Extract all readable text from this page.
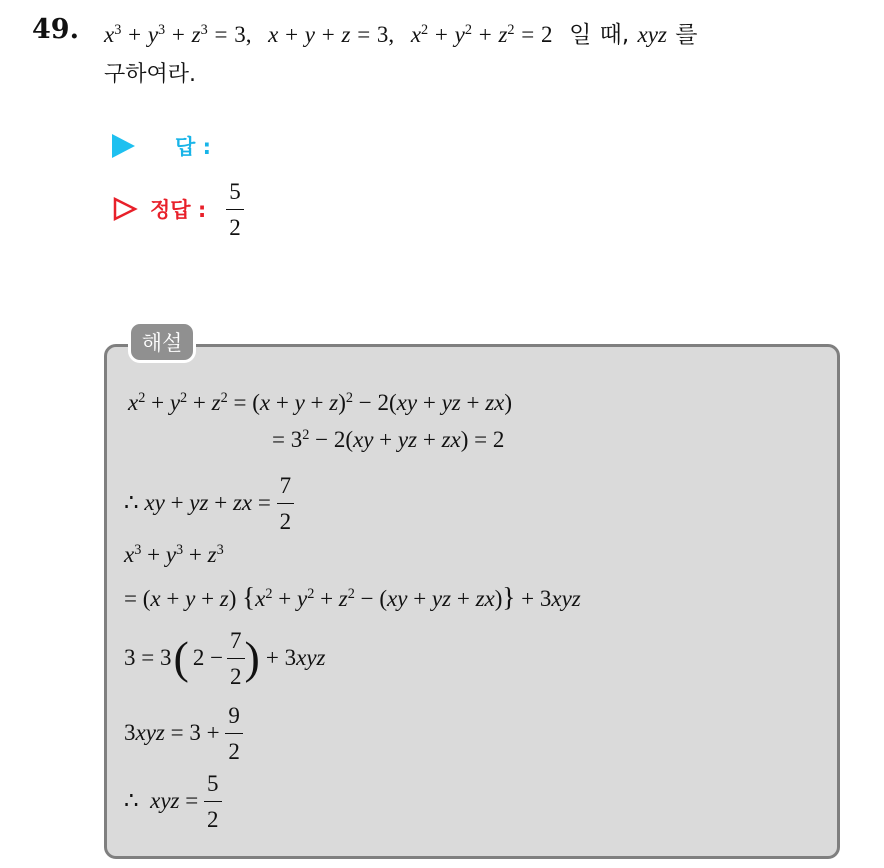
49. $x^3 + y^3 + z^3 = 3$, x + y + z = 3, $x^2 + y^2 + z^2 = 2$ 일 때, xyz 를
구하여라.
답 :
정답 : $\frac{5}{2}$
해설
$x^2 + y^2 + z^2 = (x + y + z)^2 - 2(xy$ + yz + zx)
= $3^2 - 2(xy$ + yz + zx) = 2
∴ xy + yz + zx = $\frac{7}{2}$
$x^3 + y^3 + z^3$
= (x + y + z) {$x^2 + y^2 + z^2 - (xy$ + yz + zx)} + 3xyz
3 = 3 ( $2 - \frac{7}{2}$ ) + 3xyz
$3xyz = 3 + \frac{9}{2}$
∴  xyz = $\frac{5}{2}$
